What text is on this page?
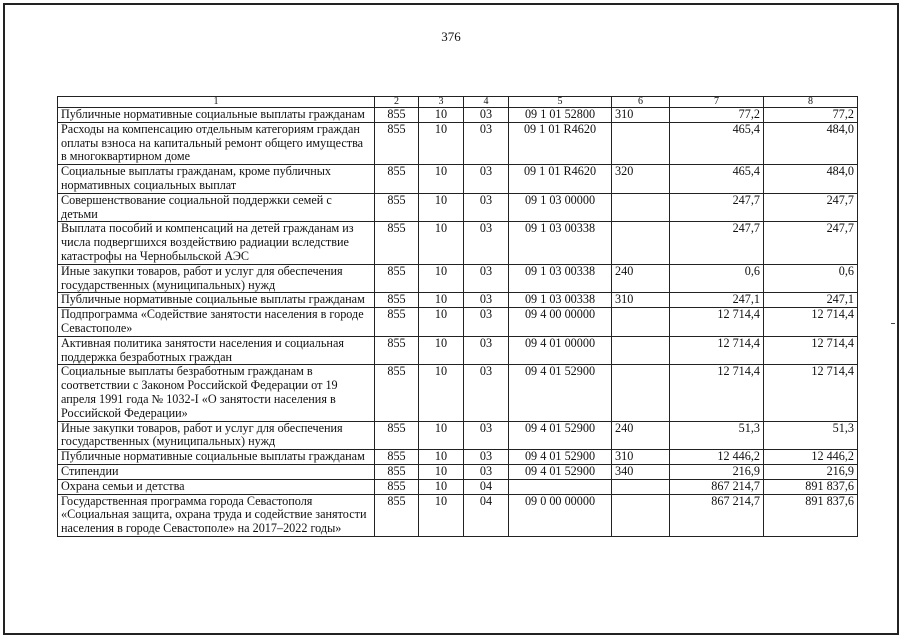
376
1	2	3	4	5	6	7	8
Публичные нормативные социальные выплаты гражданам	855	10	03	09 1 01 52800	310	77,2	77,2
Расходы на компенсацию отдельным категориям граждан оплаты взноса на капитальный ремонт общего имущества в многоквартирном доме	855	10	03	09 1 01 R4620		465,4	484,0
Социальные выплаты гражданам, кроме публичных нормативных социальных выплат	855	10	03	09 1 01 R4620	320	465,4	484,0
Совершенствование социальной поддержки семей с детьми	855	10	03	09 1 03 00000		247,7	247,7
Выплата пособий и компенсаций на детей гражданам из числа подвергшихся воздействию радиации вследствие катастрофы на Чернобыльской АЭС	855	10	03	09 1 03 00338		247,7	247,7
Иные закупки товаров, работ и услуг для обеспечения государственных (муниципальных) нужд	855	10	03	09 1 03 00338	240	0,6	0,6
Публичные нормативные социальные выплаты гражданам	855	10	03	09 1 03 00338	310	247,1	247,1
Подпрограмма «Содействие занятости населения в городе Севастополе»	855	10	03	09 4 00 00000		12 714,4	12 714,4
Активная политика занятости населения и социальная поддержка безработных граждан	855	10	03	09 4 01 00000		12 714,4	12 714,4
Социальные выплаты безработным гражданам в соответствии с Законом Российской Федерации от 19 апреля 1991 года № 1032-I «О занятости населения в Российской Федерации»	855	10	03	09 4 01 52900		12 714,4	12 714,4
Иные закупки товаров, работ и услуг для обеспечения государственных (муниципальных) нужд	855	10	03	09 4 01 52900	240	51,3	51,3
Публичные нормативные социальные выплаты гражданам	855	10	03	09 4 01 52900	310	12 446,2	12 446,2
Стипендии	855	10	03	09 4 01 52900	340	216,9	216,9
Охрана семьи и детства	855	10	04			867 214,7	891 837,6
Государственная программа города Севастополя «Социальная защита, охрана труда и содействие занятости населения в городе Севастополе» на 2017–2022 годы»	855	10	04	09 0 00 00000		867 214,7	891 837,6
